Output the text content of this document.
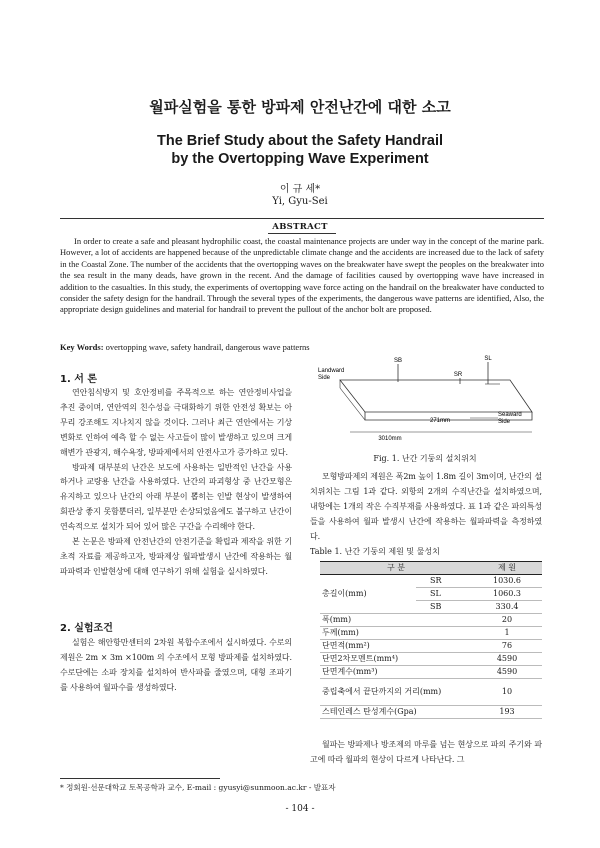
월파실험을 통한 방파제 안전난간에 대한 소고
The Brief Study about the Safety Handrail
by the Overtopping Wave Experiment
이 규 세*
Yi, Gyu-Sei
ABSTRACT
In order to create a safe and pleasant hydrophilic coast, the coastal maintenance projects are under way in the concept of the marine park. However, a lot of accidents are happened because of the unpredictable climate change and the accidents are increased due to the lack of safety in the Coastal Zone. The number of the accidents that the overtopping waves on the breakwater have swept the peoples on the breakwater into the sea result in the many deads, have grown in the recent. And the damage of facilities caused by overtopping wave have increased in addition to the casualties. In this study, the experiments of overtopping wave force acting on the handrail on the breakwater have conducted to consider the safety design for the handrail. Through the several types of the experiments, the dangerous wave patterns are identified, Also, the appropriate design guidelines and material for handrail to prevent the pullout of the anchor bolt are proposed.
Key Words: overtopping wave, safety handrail, dangerous wave patterns
1. 서 론

연안침식방지 및 호안정비를 주목적으로 하는 연안정비사업을 추진 중이며, 연안역의 친수성을 극대화하기 위한 안전성 확보는 아무리 강조해도 지나치지 않을 것이다. 그러나 최근 연안에서는 기상변화로 인하여 예측 할 수 없는 사고들이 많이 발생하고 있으며 크게 해변가 관광지, 해수욕장, 방파제에서의 안전사고가 증가하고 있다.

방파제 대부분의 난간은 보도에 사용하는 일반적인 난간을 사용하거나 교량용 난간을 사용하였다. 난간의 파괴형상 중 난간모형은 유지하고 있으나 난간의 아래 부분이 뽑히는 인발 현상이 발생하여 회관상 좋지 못함뿐더러, 일부분만 손상되었음에도 불구하고 난간이 연속적으로 설치가 되어 있어 많은 구간을 수리해야 한다.

본 논문은 방파제 안전난간의 안전기준을 확립과 제작을 위한 기초적 자료를 제공하고자, 방파제상 월파발생시 난간에 작용하는 월파파력과 인발현상에 대해 연구하기 위해 실험을 실시하였다.

2. 실험조건

실험은 해안항만센터의 2차원 복합수조에서 실시하였다. 수로의 제원은 2m × 3m ×100m 의 수조에서 모형 방파제를 설치하였다. 수로단에는 소파 장치를 설치하여 반사파를 줄였으며, 대형 조파기를 사용하여 월파수를 생성하였다.

SB	SL
SR
Landward Side
Seaward Side
271mm
3010mm
Fig. 1. 난간 기둥의 설치위치

모형방파제의 제원은 폭2m 높이 1.8m 길이 3m이며, 난간의 설치위치는 그림 1과 같다. 외항의 2개의 수직난간을 설치하였으며, 내항에는 1개의 작은 수직부재를 사용하였다. 표 1과 같은 파의특성들을 사용하여 월파 발생시 난간에 작용하는 월파파력을 측정하였다.

Table 1. 난간 기둥의 제원 및 물성치
구 분		제 원
총길이(mm)	SR	1030.6
	SL	1060.3
	SB	330.4
폭(mm)		20
두께(mm)		1
단면적(mm²)		76
단면2차모멘트(mm⁴)		4590
단면계수(mm³)		4590
중립축에서 끝단까지의 거리(mm)		10
스테인레스 탄성계수(Gpa)		193

월파는 방파제나 방조제의 마루를 넘는 현상으로 파의 주기와 파고에 따라 월파의 현상이 다르게 나타난다. 그

* 정회원·선문대학교 토목공학과 교수, E-mail : gyusyi@sunmoon.ac.kr - 발표자
- 104 -
